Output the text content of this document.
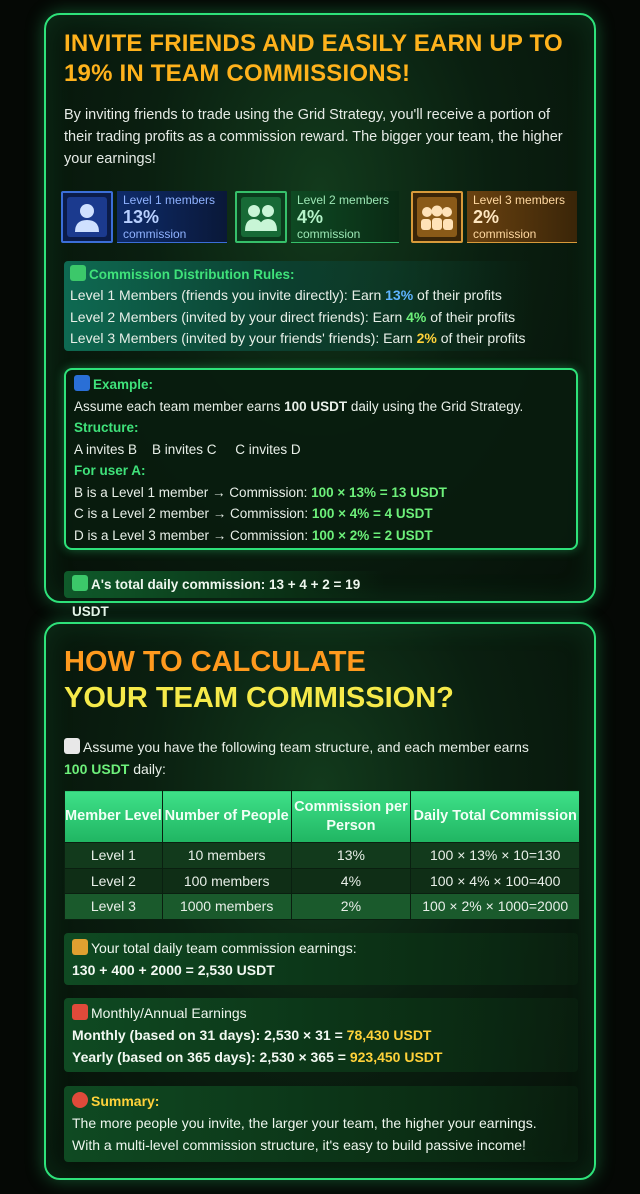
INVITE FRIENDS AND EASILY EARN UP TO 19% IN TEAM COMMISSIONS!
By inviting friends to trade using the Grid Strategy, you'll receive a portion of their trading profits as a commission reward. The bigger your team, the higher your earnings!
Level 1 members
13%
commission
Level 2 members
4%
commission
Level 3 members
2%
commission
Commission Distribution Rules:
Level 1 Members (friends you invite directly): Earn 13% of their profits
Level 2 Members (invited by your direct friends): Earn 4% of their profits
Level 3 Members (invited by your friends' friends): Earn 2% of their profits
Example:
Assume each team member earns 100 USDT daily using the Grid Strategy.
Structure:
A invites B    B invites C     C invites D
For user A:
B is a Level 1 member → Commission: 100 × 13% = 13 USDT
C is a Level 2 member → Commission: 100 × 4% = 4 USDT
D is a Level 3 member → Commission: 100 × 2% = 2 USDT
A's total daily commission: 13 + 4 + 2 = 19 USDT
HOW TO CALCULATE
YOUR TEAM COMMISSION?
Assume you have the following team structure, and each member earns 100 USDT daily:
Member Level	Number of People	Commission per Person	Daily Total Commission
Level 1	10 members	13%	100 × 13% × 10=130
Level 2	100 members	4%	100 × 4% × 100=400
Level 3	1000 members	2%	100 × 2% × 1000=2000
Your total daily team commission earnings:
130 + 400 + 2000 = 2,530 USDT
Monthly/Annual Earnings
Monthly (based on 31 days): 2,530 × 31 = 78,430 USDT
Yearly (based on 365 days): 2,530 × 365 = 923,450 USDT
Summary:
The more people you invite, the larger your team, the higher your earnings.
With a multi-level commission structure, it's easy to build passive income!
